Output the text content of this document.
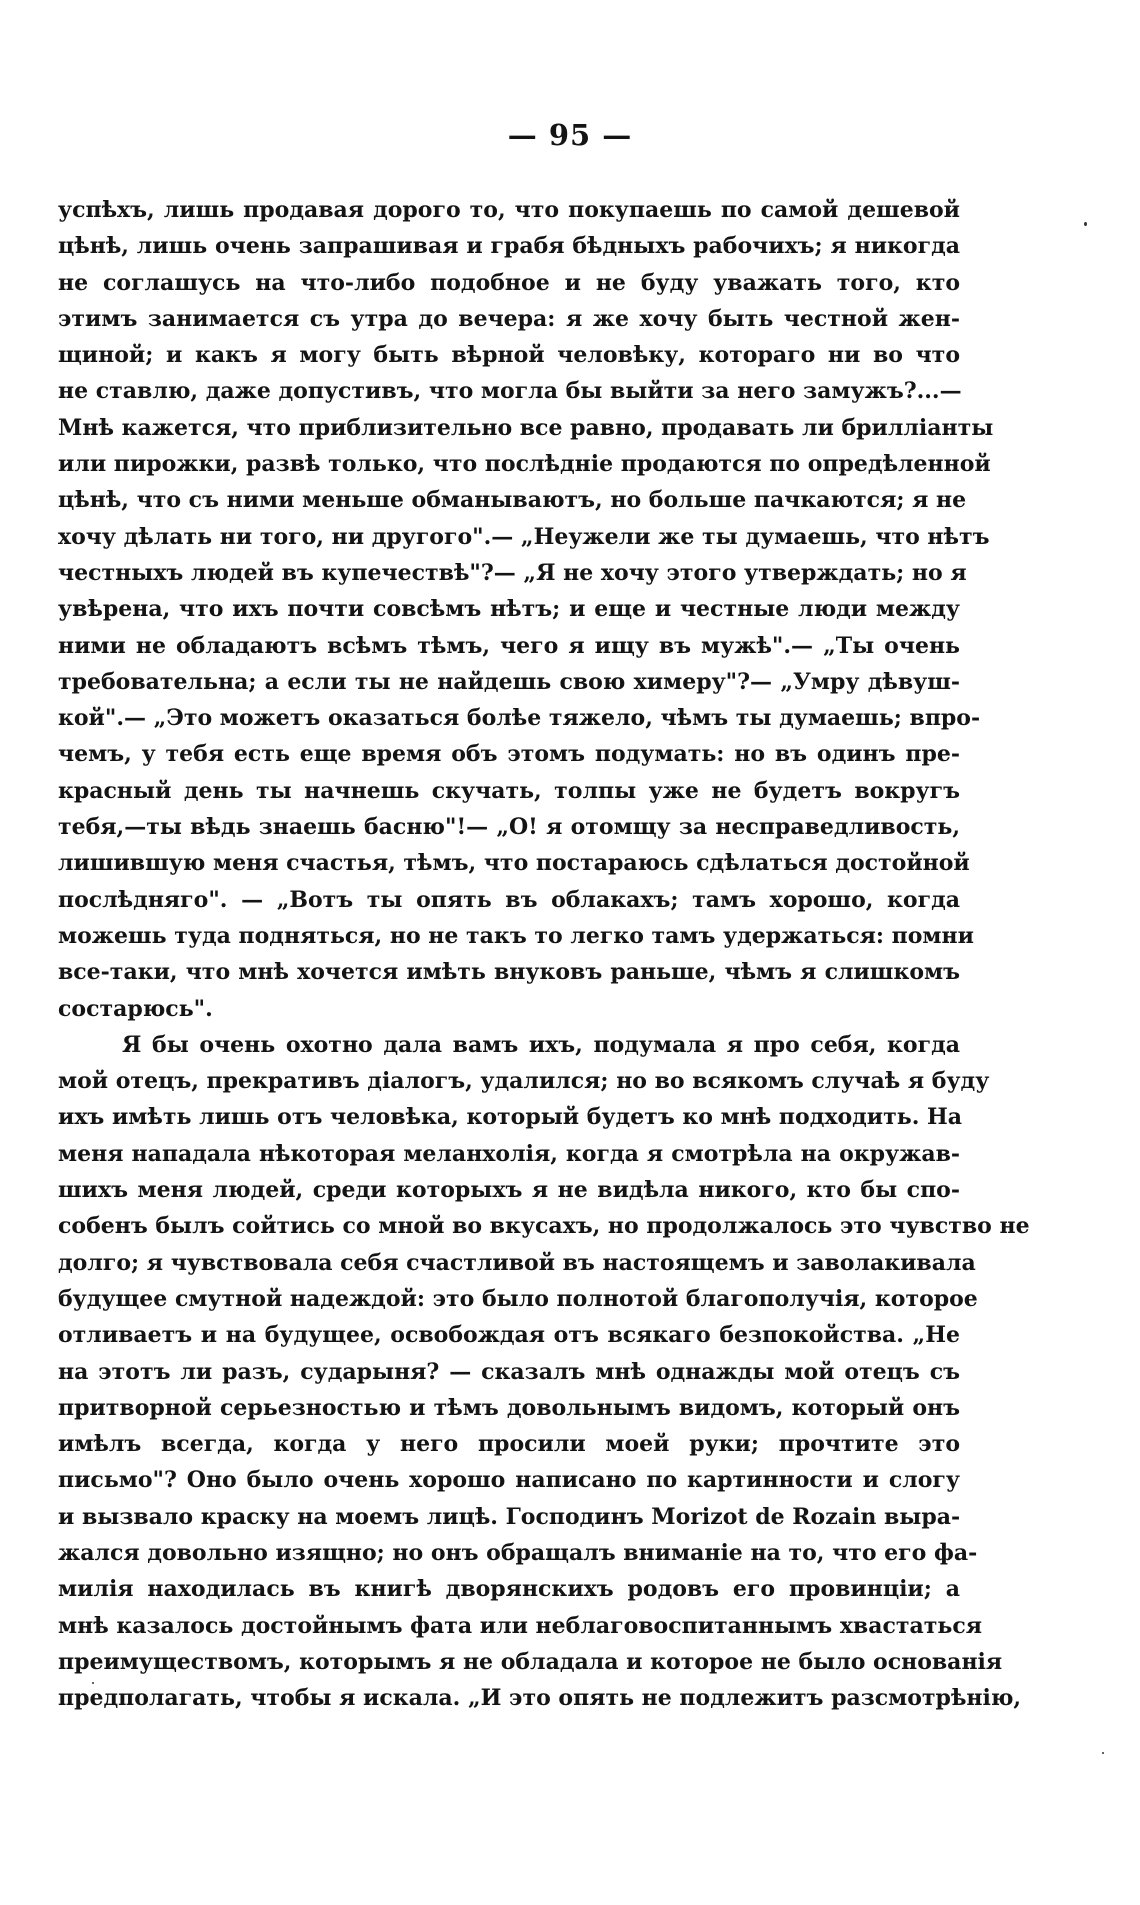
— 95 —
успѣхъ, лишь продавая дорого то, что покупаешь по самой дешевой
цѣнѣ, лишь очень запрашивая и грабя бѣдныхъ рабочихъ; я никогда
не соглашусь на что-либо подобное и не буду уважать того, кто
этимъ занимается съ утра до вечера: я же хочу быть честной жен-
щиной; и какъ я могу быть вѣрной человѣку, котораго ни во что
не ставлю, даже допустивъ, что могла бы выйти за него замужъ?...—
Мнѣ кажется, что приблизительно все равно, продавать ли брилліанты
или пирожки, развѣ только, что послѣдніе продаются по опредѣленной
цѣнѣ, что съ ними меньше обманываютъ, но больше пачкаются; я не
хочу дѣлать ни того, ни другого".— „Неужели же ты думаешь, что нѣтъ
честныхъ людей въ купечествѣ"?— „Я не хочу этого утверждать; но я
увѣрена, что ихъ почти совсѣмъ нѣтъ; и еще и честные люди между
ними не обладаютъ всѣмъ тѣмъ, чего я ищу въ мужѣ".— „Ты очень
требовательна; а если ты не найдешь свою химеру"?— „Умру дѣвуш-
кой".— „Это можетъ оказаться болѣе тяжело, чѣмъ ты думаешь; впро-
чемъ, у тебя есть еще время объ этомъ подумать: но въ одинъ пре-
красный день ты начнешь скучать, толпы уже не будетъ вокругъ
тебя,—ты вѣдь знаешь басню"!— „О! я отомщу за несправедливость,
лишившую меня счастья, тѣмъ, что постараюсь сдѣлаться достойной
послѣдняго". — „Вотъ ты опять въ облакахъ; тамъ хорошо, когда
можешь туда подняться, но не такъ то легко тамъ удержаться: помни
все-таки, что мнѣ хочется имѣть внуковъ раньше, чѣмъ я слишкомъ
состарюсь".
Я бы очень охотно дала вамъ ихъ, подумала я про себя, когда
мой отецъ, прекративъ діалогъ, удалился; но во всякомъ случаѣ я буду
ихъ имѣть лишь отъ человѣка, который будетъ ко мнѣ подходить. На
меня нападала нѣкоторая меланхолія, когда я смотрѣла на окружав-
шихъ меня людей, среди которыхъ я не видѣла никого, кто бы спо-
собенъ былъ сойтись со мной во вкусахъ, но продолжалось это чувство не
долго; я чувствовала себя счастливой въ настоящемъ и заволакивала
будущее смутной надеждой: это было полнотой благополучія, которое
отливаетъ и на будущее, освобождая отъ всякаго безпокойства. „Не
на этотъ ли разъ, сударыня? — сказалъ мнѣ однажды мой отецъ съ
притворной серьезностью и тѣмъ довольнымъ видомъ, который онъ
имѣлъ всегда, когда у него просили моей руки; прочтите это
письмо"? Оно было очень хорошо написано по картинности и слогу
и вызвало краску на моемъ лицѣ. Господинъ Morizot de Rozain выра-
жался довольно изящно; но онъ обращалъ вниманіе на то, что его фа-
милія находилась въ книгѣ дворянскихъ родовъ его провинціи; а
мнѣ казалось достойнымъ фата или неблаговоспитаннымъ хвастаться
преимуществомъ, которымъ я не обладала и которое не было основанія
предполагать, чтобы я искала. „И это опять не подлежитъ разсмотрѣнію,
